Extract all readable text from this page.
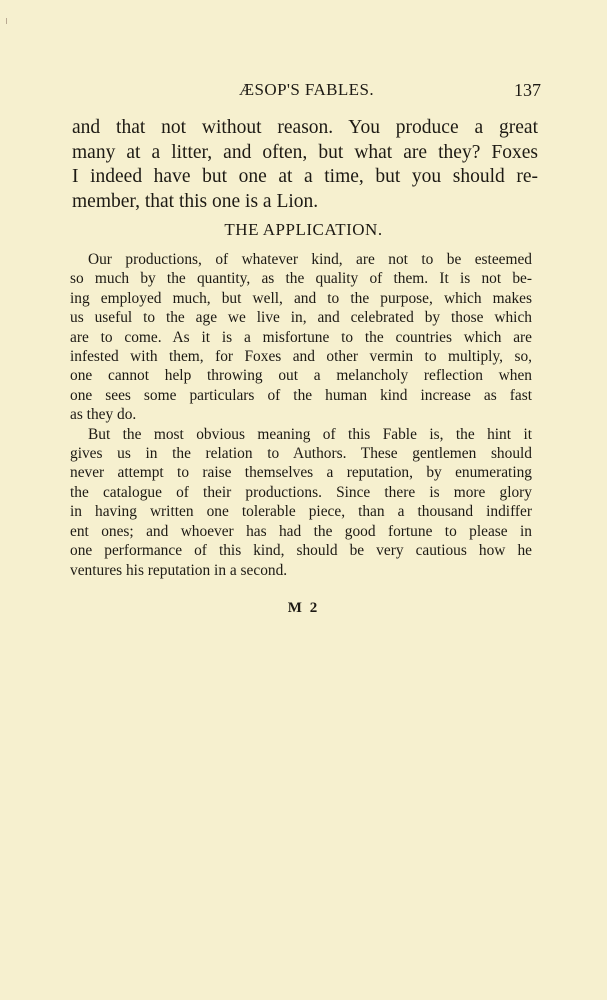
ÆSOP'S FABLES.	137

and that not without reason. You produce a great
many at a litter, and often, but what are they? Foxes
I indeed have but one at a time, but you should re-
member, that this one is a Lion.

THE APPLICATION.

Our productions, of whatever kind, are not to be esteemed
so much by the quantity, as the quality of them. It is not be-
ing employed much, but well, and to the purpose, which makes
us useful to the age we live in, and celebrated by those which
are to come. As it is a misfortune to the countries which are
infested with them, for Foxes and other vermin to multiply, so,
one cannot help throwing out a melancholy reflection when
one sees some particulars of the human kind increase as fast
as they do.

But the most obvious meaning of this Fable is, the hint it
gives us in the relation to Authors. These gentlemen should
never attempt to raise themselves a reputation, by enumerating
the catalogue of their productions. Since there is more glory
in having written one tolerable piece, than a thousand indiffer
ent ones; and whoever has had the good fortune to please in
one performance of this kind, should be very cautious how he
ventures his reputation in a second.

M 2
